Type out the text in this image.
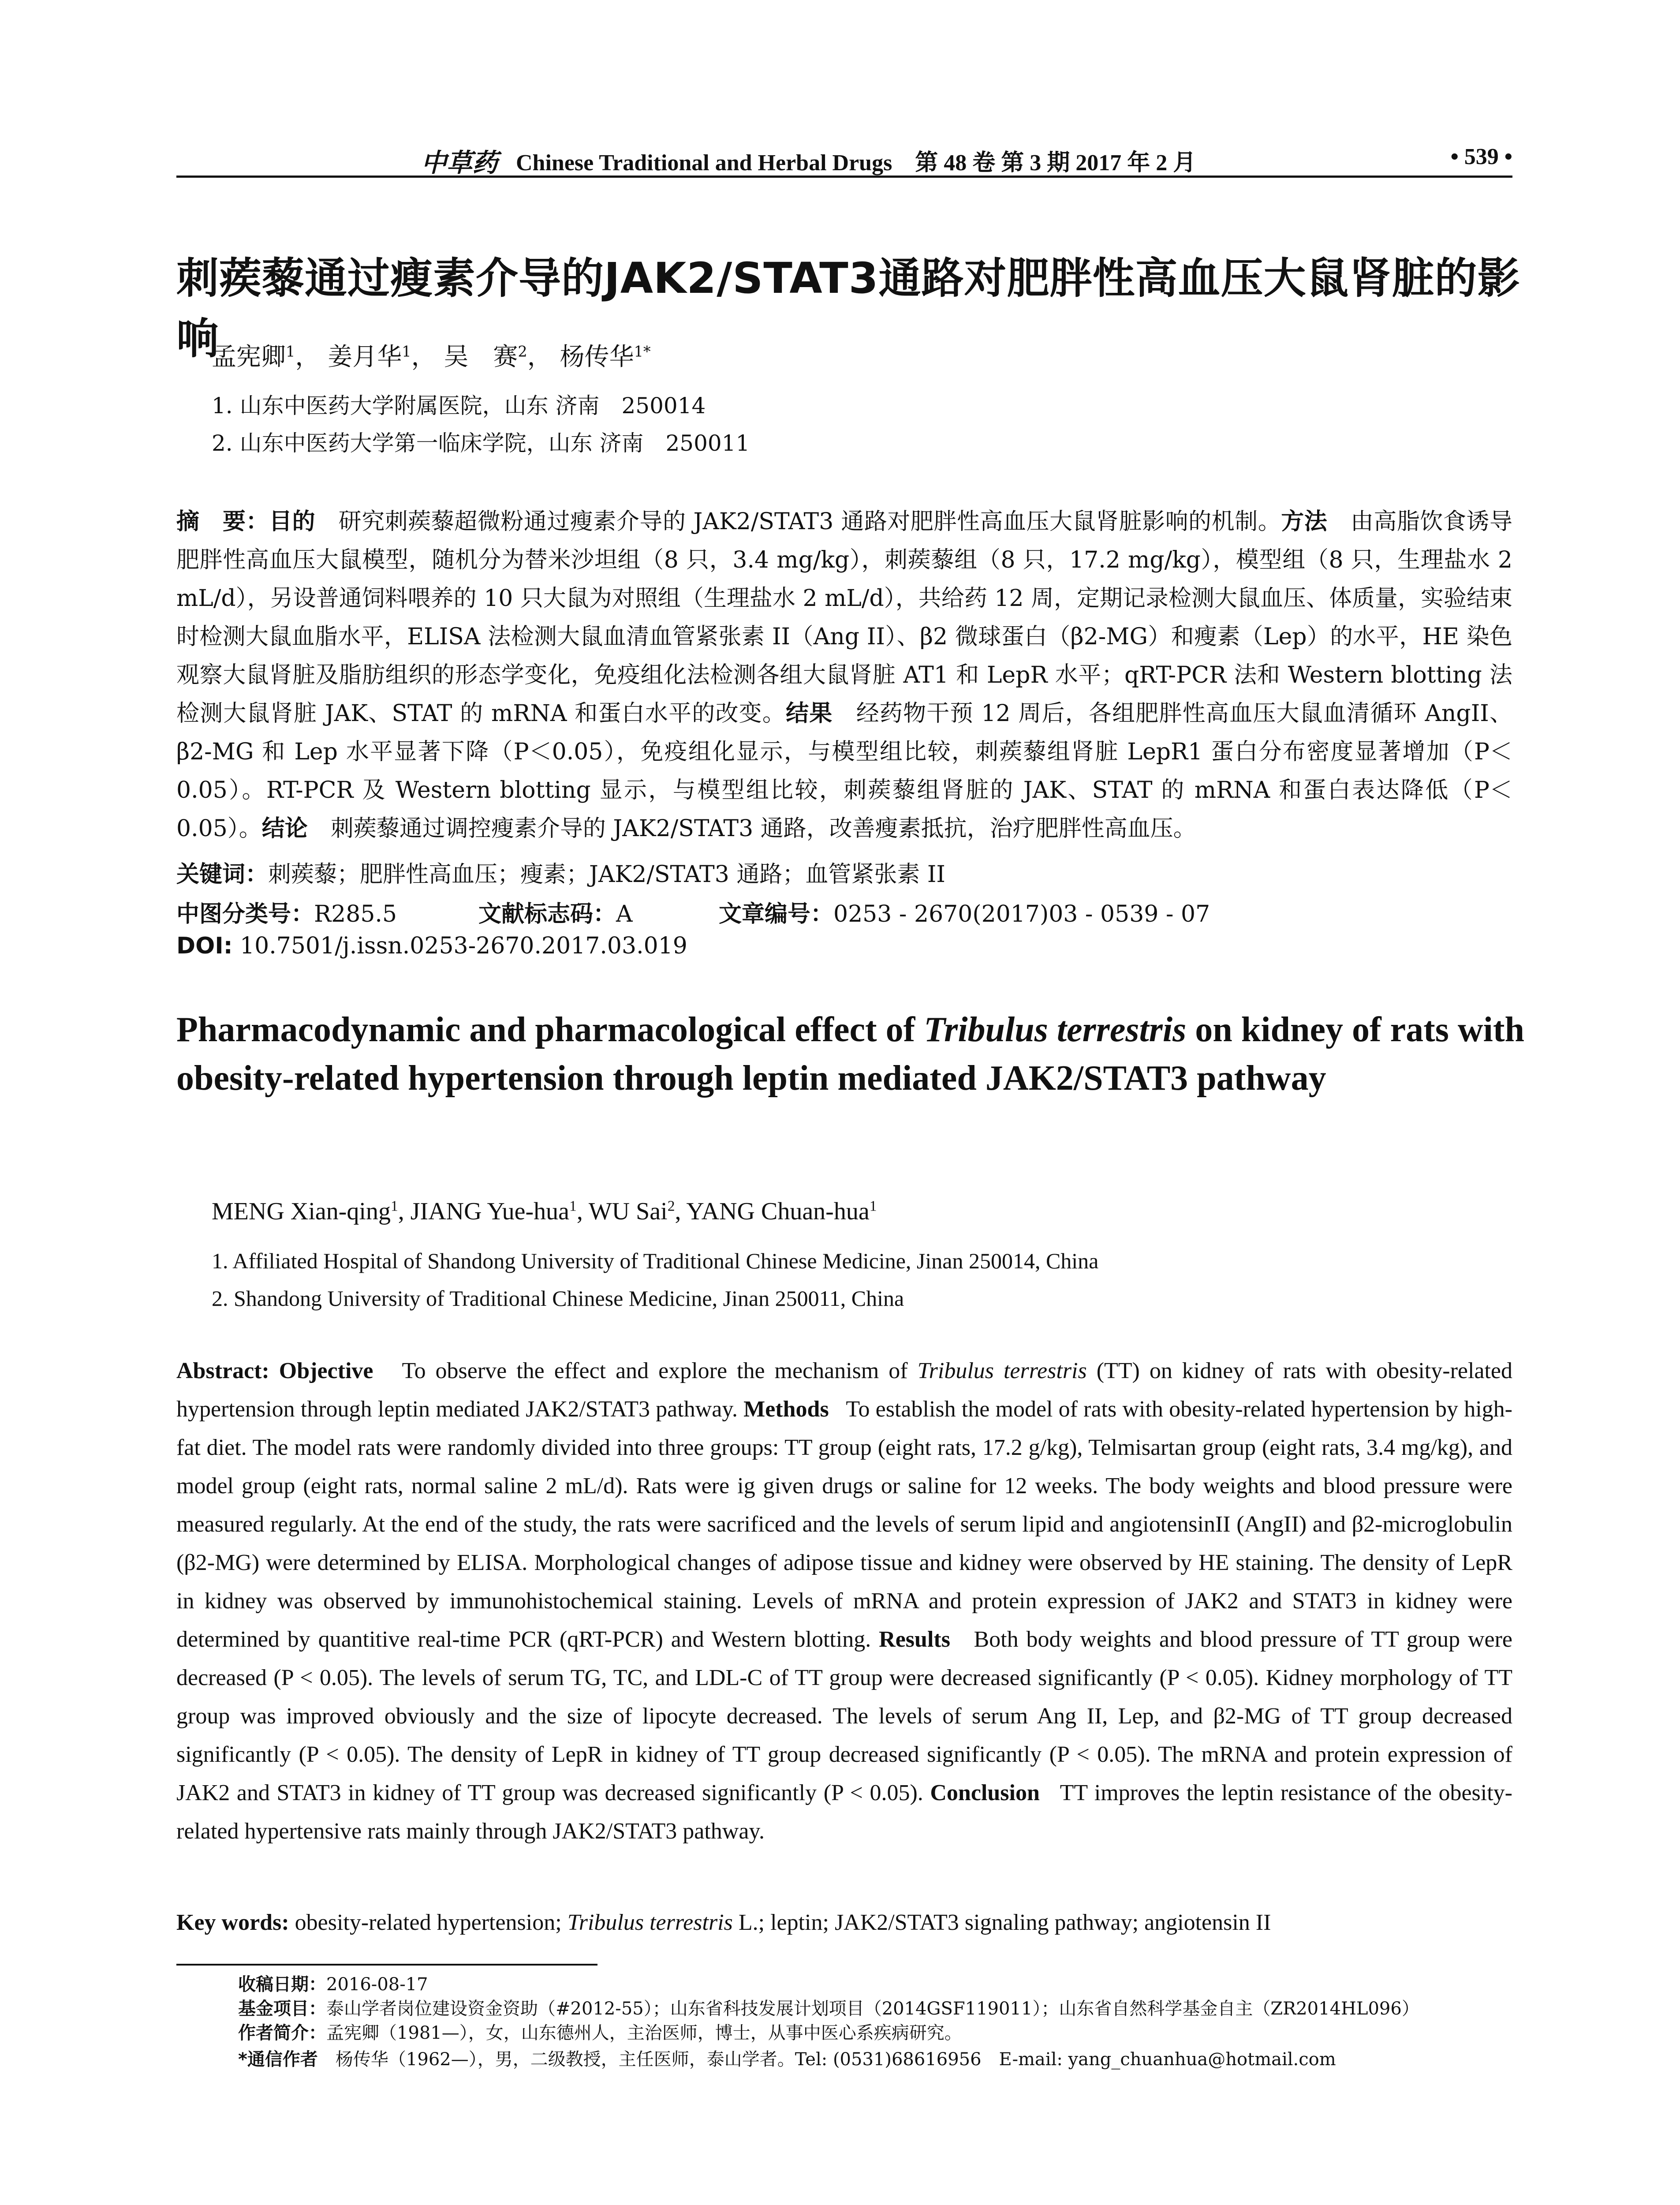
中草药 Chinese Traditional and Herbal Drugs　第 48 卷 第 3 期 2017 年 2 月	• 539 •
刺蒺藜通过瘦素介导的JAK2/STAT3通路对肥胖性高血压大鼠肾脏的影响
孟宪卿$^1$， 姜月华$^1$， 吴　赛$^2$， 杨传华$^{1*}$
1. 山东中医药大学附属医院，山东 济南　250014
2. 山东中医药大学第一临床学院，山东 济南　250011
摘　要：目的　 研究刺蒺藜超微粉通过瘦素介导的 JAK2/STAT3 通路对肥胖性高血压大鼠肾脏影响的机制。方法　 由高脂饮食诱导肥胖性高血压大鼠模型，随机分为替米沙坦组（8 只，3.4 mg/kg），刺蒺藜组（8 只，17.2 mg/kg），模型组（8 只，生理盐水 2 mL/d），另设普通饲料喂养的 10 只大鼠为对照组（生理盐水 2 mL/d），共给药 12 周，定期记录检测大鼠血压、体质量，实验结束时检测大鼠血脂水平，ELISA 法检测大鼠血清血管紧张素 II（Ang II）、β2 微球蛋白（β2-MG）和瘦素（Lep）的水平，HE 染色观察大鼠肾脏及脂肪组织的形态学变化，免疫组化法检测各组大鼠肾脏 AT1 和 LepR 水平；qRT-PCR 法和 Western blotting 法检测大鼠肾脏 JAK、STAT 的 mRNA 和蛋白水平的改变。结果　 经药物干预 12 周后，各组肥胖性高血压大鼠血清循环 AngII、β2-MG 和 Lep 水平显著下降（P＜0.05），免疫组化显示，与模型组比较，刺蒺藜组肾脏 LepR1 蛋白分布密度显著增加（P＜0.05）。RT-PCR 及 Western blotting 显示，与模型组比较，刺蒺藜组肾脏的 JAK、STAT 的 mRNA 和蛋白表达降低（P＜0.05）。结论　 刺蒺藜通过调控瘦素介导的 JAK2/STAT3 通路，改善瘦素抵抗，治疗肥胖性高血压。
关键词：刺蒺藜；肥胖性高血压；瘦素；JAK2/STAT3 通路；血管紧张素 II
中图分类号：R285.5	文献标志码：A	文章编号：0253 - 2670(2017)03 - 0539 - 07
DOI: 10.7501/j.issn.0253-2670.2017.03.019
Pharmacodynamic and pharmacological effect of Tribulus terrestris on kidney of rats with obesity-related hypertension through leptin mediated JAK2/STAT3 pathway
MENG Xian-qing$^1$, JIANG Yue-hua$^1$, WU Sai$^2$, YANG Chuan-hua$^1$
1. Affiliated Hospital of Shandong University of Traditional Chinese Medicine, Jinan 250014, China
2. Shandong University of Traditional Chinese Medicine, Jinan 250011, China
Abstract: Objective To observe the effect and explore the mechanism of Tribulus terrestris (TT) on kidney of rats with obesity-related hypertension through leptin mediated JAK2/STAT3 pathway. Methods To establish the model of rats with obesity-related hypertension by high-fat diet. The model rats were randomly divided into three groups: TT group (eight rats, 17.2 g/kg), Telmisartan group (eight rats, 3.4 mg/kg), and model group (eight rats, normal saline 2 mL/d). Rats were ig given drugs or saline for 12 weeks. The body weights and blood pressure were measured regularly. At the end of the study, the rats were sacrificed and the levels of serum lipid and angiotensinII (AngII) and β2-microglobulin (β2-MG) were determined by ELISA. Morphological changes of adipose tissue and kidney were observed by HE staining. The density of LepR in kidney was observed by immunohistochemical staining. Levels of mRNA and protein expression of JAK2 and STAT3 in kidney were determined by quantitive real-time PCR (qRT-PCR) and Western blotting. Results Both body weights and blood pressure of TT group were decreased (P < 0.05). The levels of serum TG, TC, and LDL-C of TT group were decreased significantly (P < 0.05). Kidney morphology of TT group was improved obviously and the size of lipocyte decreased. The levels of serum Ang II, Lep, and β2-MG of TT group decreased significantly (P < 0.05). The density of LepR in kidney of TT group decreased significantly (P < 0.05). The mRNA and protein expression of JAK2 and STAT3 in kidney of TT group was decreased significantly (P < 0.05). Conclusion TT improves the leptin resistance of the obesity-related hypertensive rats mainly through JAK2/STAT3 pathway.
Key words: obesity-related hypertension; Tribulus terrestris L.; leptin; JAK2/STAT3 signaling pathway; angiotensin II
收稿日期：2016-08-17
基金项目：泰山学者岗位建设资金资助（#2012-55）；山东省科技发展计划项目（2014GSF119011）；山东省自然科学基金自主（ZR2014HL096）
作者简介：孟宪卿（1981—），女，山东德州人，主治医师，博士，从事中医心系疾病研究。
*通信作者　 杨传华（1962—），男，二级教授，主任医师，泰山学者。Tel: (0531)68616956　E-mail: yang_chuanhua@hotmail.com
